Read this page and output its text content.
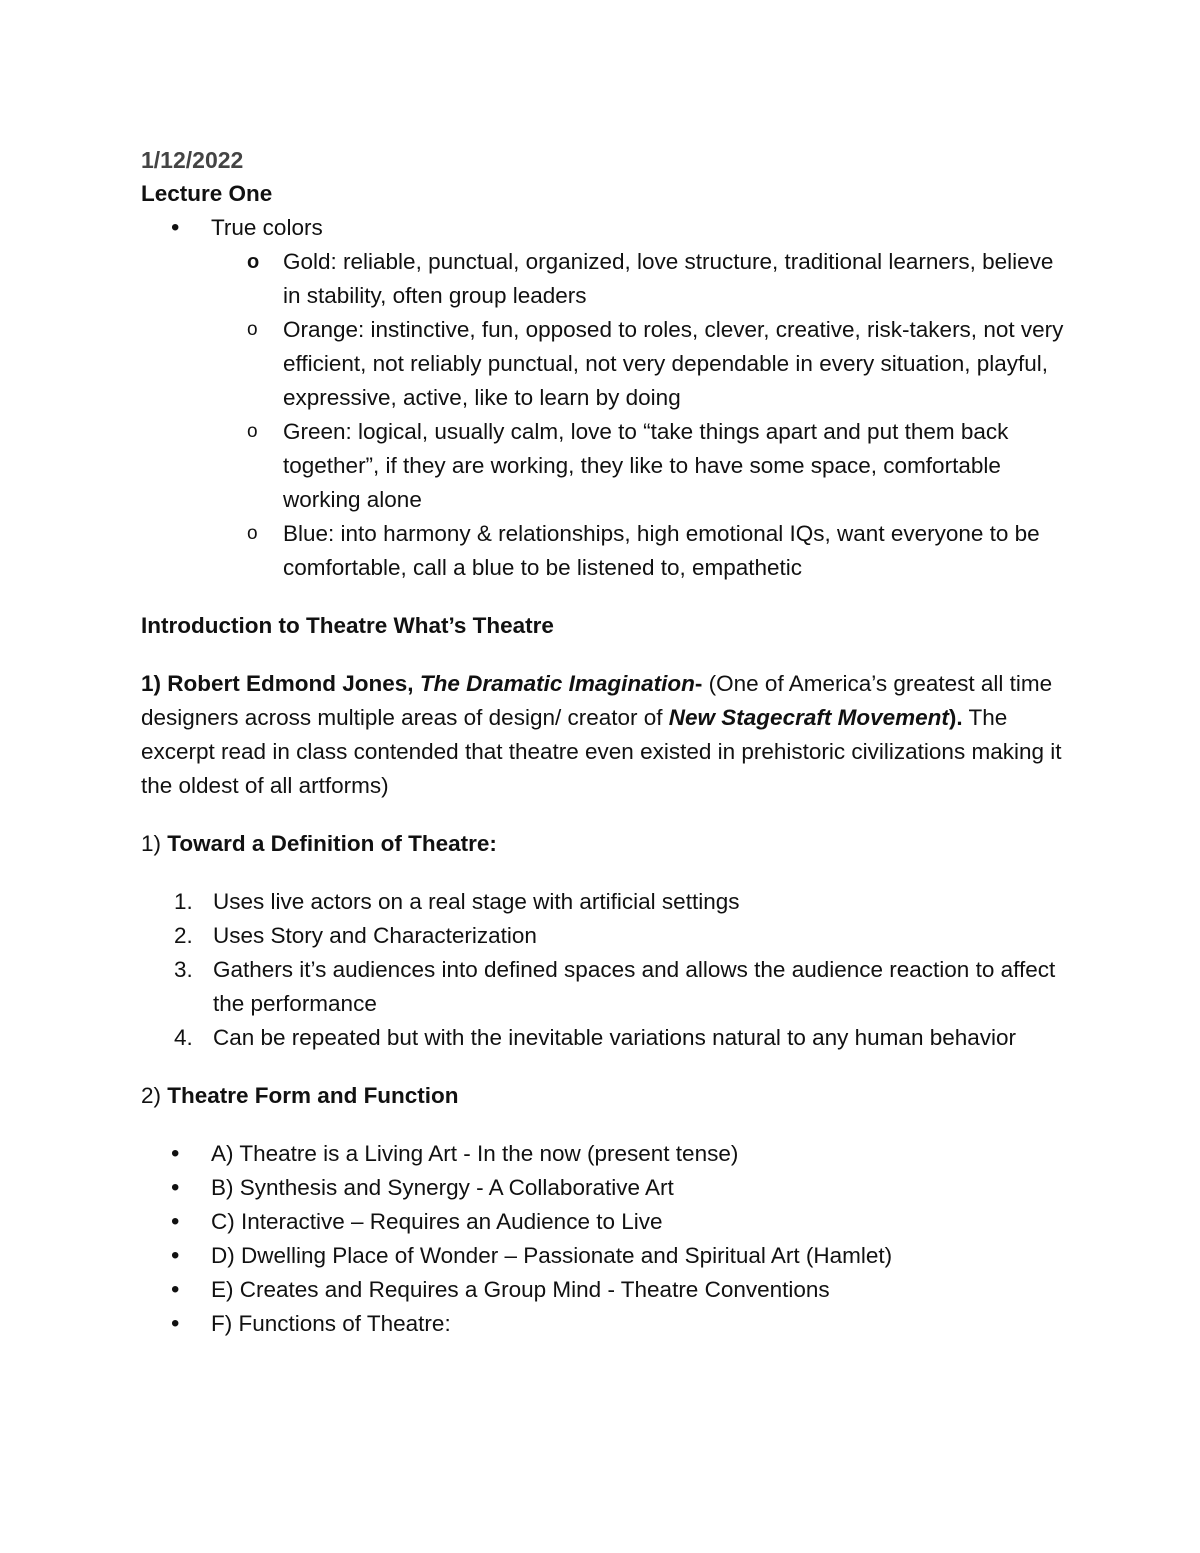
1/12/2022

Lecture One

• True colors
o Gold: reliable, punctual, organized, love structure, traditional learners, believe in stability, often group leaders
o Orange: instinctive, fun, opposed to roles, clever, creative, risk-takers, not very efficient, not reliably punctual, not very dependable in every situation, playful, expressive, active, like to learn by doing
o Green: logical, usually calm, love to “take things apart and put them back together”, if they are working, they like to have some space, comfortable working alone
o Blue: into harmony & relationships, high emotional IQs, want everyone to be comfortable, call a blue to be listened to, empathetic

Introduction to Theatre What’s Theatre

1) Robert Edmond Jones, The Dramatic Imagination- (One of America’s greatest all time designers across multiple areas of design/ creator of New Stagecraft Movement). The excerpt read in class contended that theatre even existed in prehistoric civilizations making it the oldest of all artforms)

1) Toward a Definition of Theatre:

1. Uses live actors on a real stage with artificial settings
2. Uses Story and Characterization
3. Gathers it’s audiences into defined spaces and allows the audience reaction to affect the performance
4. Can be repeated but with the inevitable variations natural to any human behavior

2) Theatre Form and Function

• A) Theatre is a Living Art - In the now (present tense)
• B) Synthesis and Synergy - A Collaborative Art
• C) Interactive – Requires an Audience to Live
• D) Dwelling Place of Wonder – Passionate and Spiritual Art (Hamlet)
• E) Creates and Requires a Group Mind - Theatre Conventions
• F) Functions of Theatre:
